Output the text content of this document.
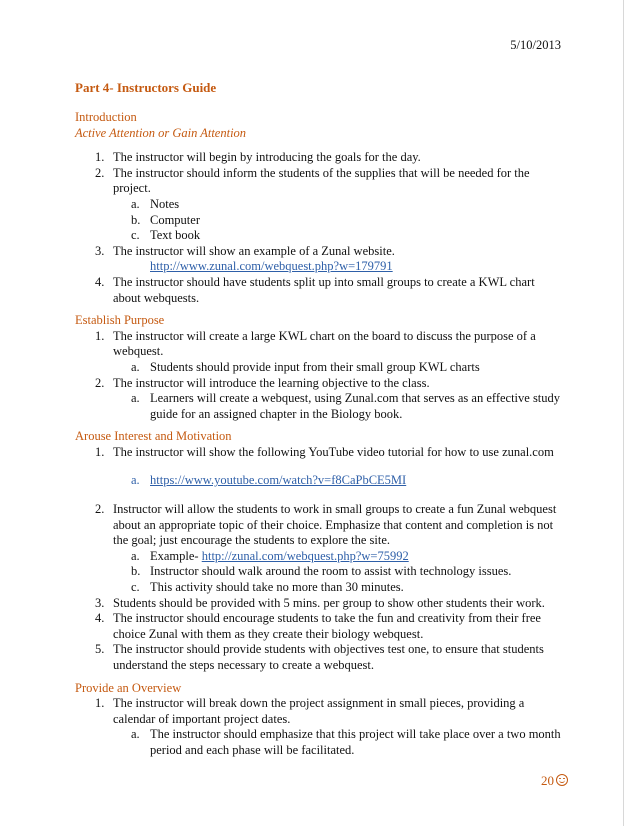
5/10/2013
Part 4- Instructors Guide
Introduction
Active Attention or Gain Attention
1. The instructor will begin by introducing the goals for the day.
2. The instructor should inform the students of the supplies that will be needed for the project.
a. Notes
b. Computer
c. Text book
3. The instructor will show an example of a Zunal website.
http://www.zunal.com/webquest.php?w=179791
4. The instructor should have students split up into small groups to create a KWL chart about webquests.
Establish Purpose
1. The instructor will create a large KWL chart on the board to discuss the purpose of a webquest.
a. Students should provide input from their small group KWL charts
2. The instructor will introduce the learning objective to the class.
a. Learners will create a webquest, using Zunal.com that serves as an effective study guide for an assigned chapter in the Biology book.
Arouse Interest and Motivation
1. The instructor will show the following YouTube video tutorial for how to use zunal.com
a. https://www.youtube.com/watch?v=f8CaPbCE5MI
2. Instructor will allow the students to work in small groups to create a fun Zunal webquest about an appropriate topic of their choice. Emphasize that content and completion is not the goal; just encourage the students to explore the site.
a. Example- http://zunal.com/webquest.php?w=75992
b. Instructor should walk around the room to assist with technology issues.
c. This activity should take no more than 30 minutes.
3. Students should be provided with 5 mins. per group to show other students their work.
4. The instructor should encourage students to take the fun and creativity from their free choice Zunal with them as they create their biology webquest.
5. The instructor should provide students with objectives test one, to ensure that students understand the steps necessary to create a webquest.
Provide an Overview
1. The instructor will break down the project assignment in small pieces, providing a calendar of important project dates.
a. The instructor should emphasize that this project will take place over a two month period and each phase will be facilitated.
20
